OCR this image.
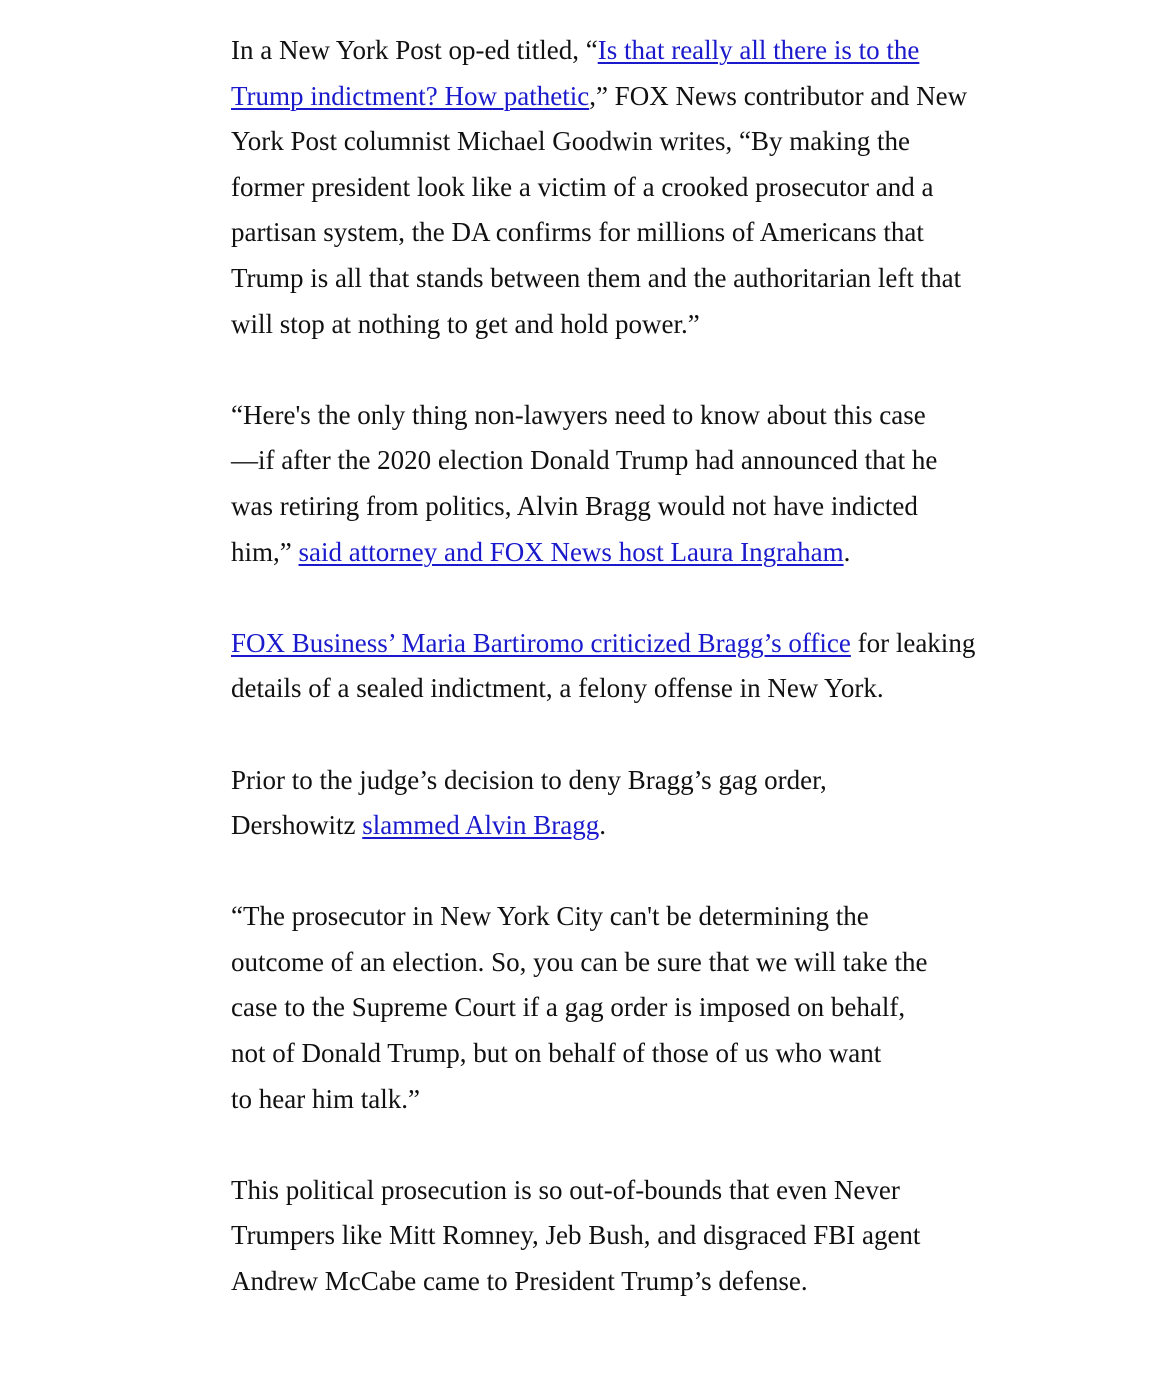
In a New York Post op-ed titled, “Is that really all there is to the Trump indictment? How pathetic,” FOX News contributor and New York Post columnist Michael Goodwin writes, “By making the former president look like a victim of a crooked prosecutor and a partisan system, the DA confirms for millions of Americans that Trump is all that stands between them and the authoritarian left that will stop at nothing to get and hold power.”

“Here's the only thing non-lawyers need to know about this case
—if after the 2020 election Donald Trump had announced that he
was retiring from politics, Alvin Bragg would not have indicted
him,” said attorney and FOX News host Laura Ingraham.

FOX Business’ Maria Bartiromo criticized Bragg’s office for leaking details of a sealed indictment, a felony offense in New York.

Prior to the judge’s decision to deny Bragg’s gag order,
Dershowitz slammed Alvin Bragg.

“The prosecutor in New York City can't be determining the
outcome of an election. So, you can be sure that we will take the
case to the Supreme Court if a gag order is imposed on behalf,
not of Donald Trump, but on behalf of those of us who want
to hear him talk.”

This political prosecution is so out-of-bounds that even Never
Trumpers like Mitt Romney, Jeb Bush, and disgraced FBI agent
Andrew McCabe came to President Trump’s defense.
